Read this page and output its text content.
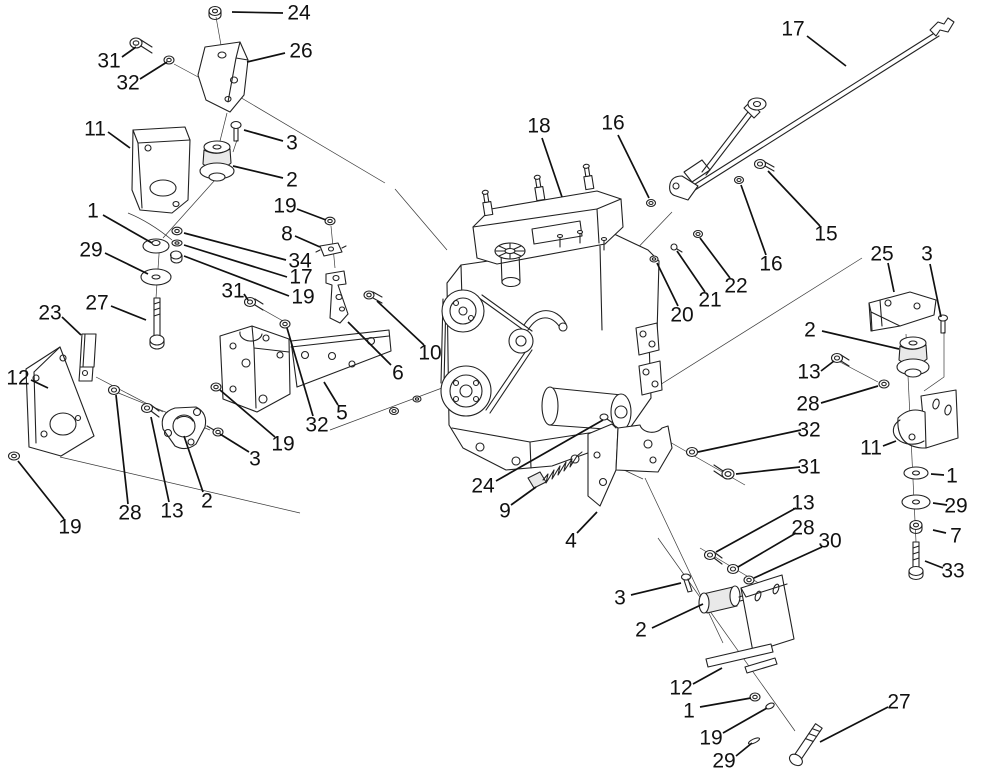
24
26
31
32
11
3
2
19
8
1
29	34
17
19
27
23
12
31
10
6
5
32
19
3
2
13
28
19
18 16
17
15
16
22
21
20
25 3
2
13
28
11
1
29
7
33
32
31
13
28
30
24
9
4
3
2
12
1
19
29
27
